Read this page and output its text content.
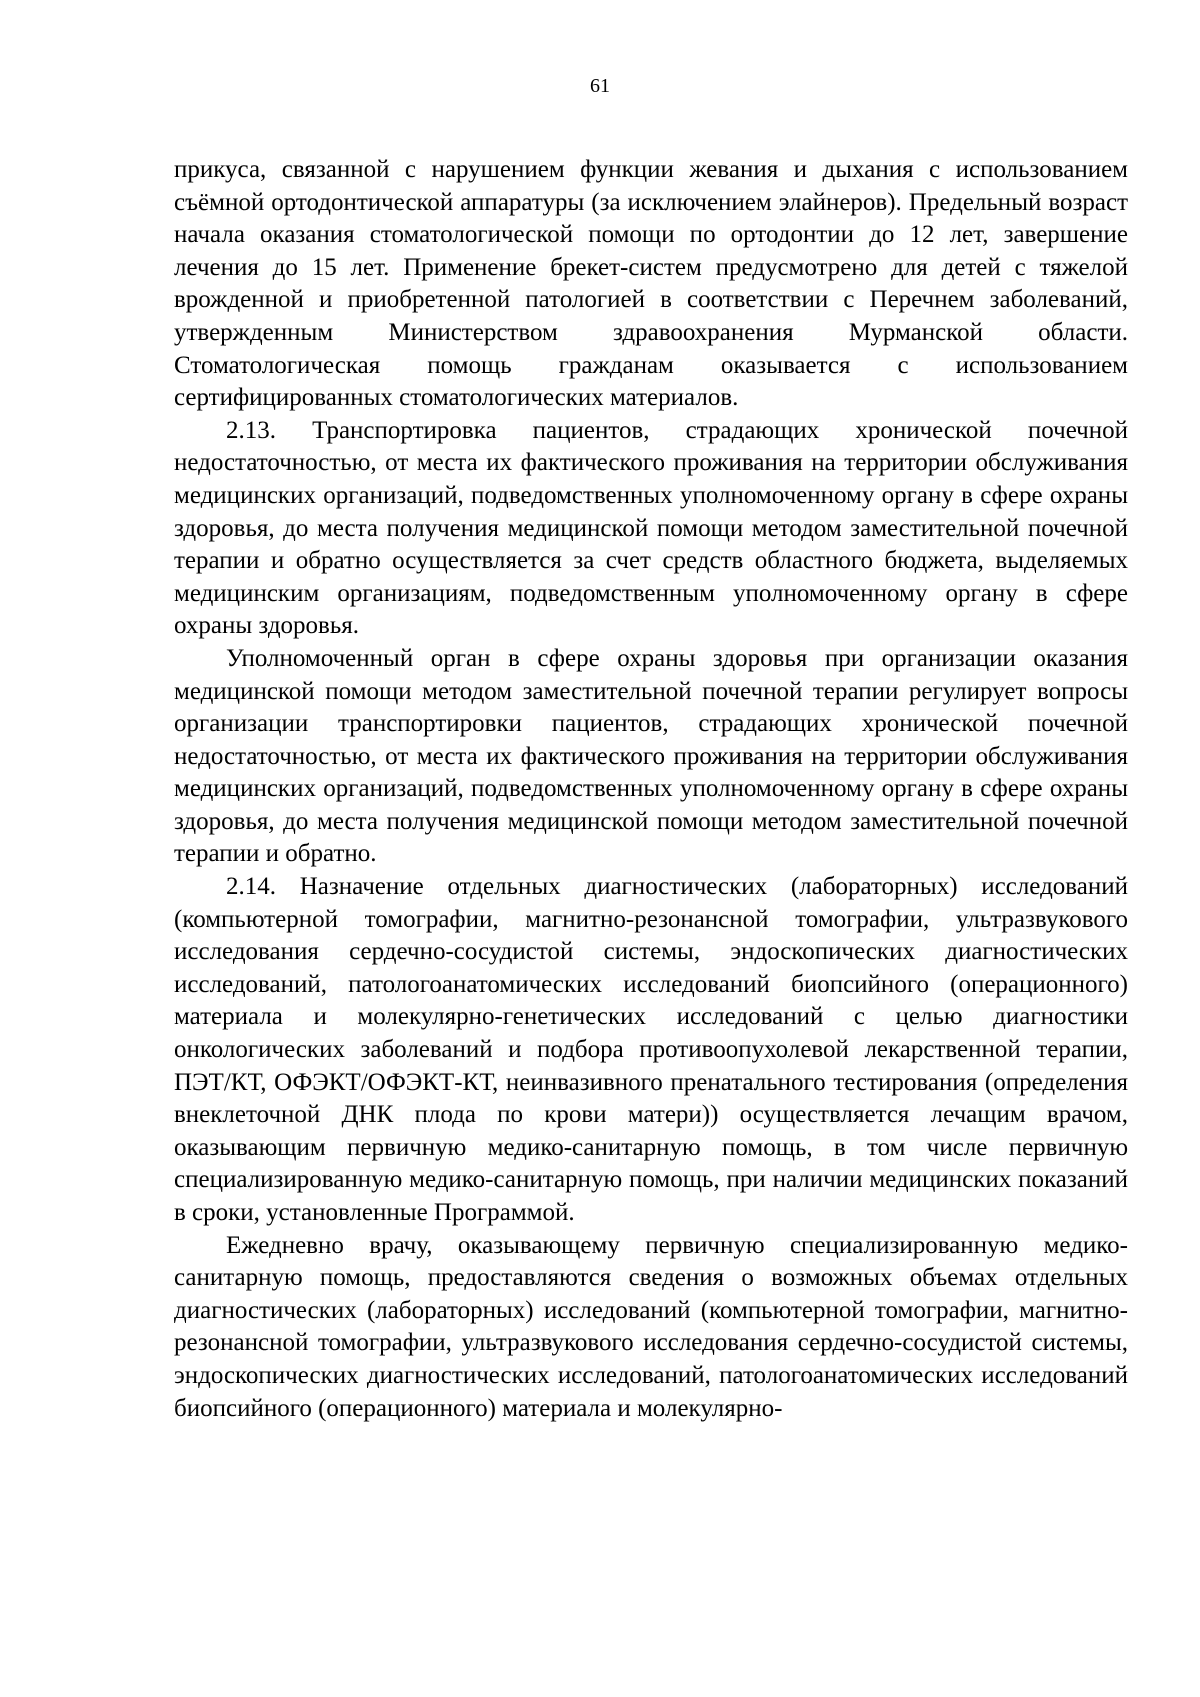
61

прикуса, связанной с нарушением функции жевания и дыхания с использованием съёмной ортодонтической аппаратуры (за исключением элайнеров). Предельный возраст начала оказания стоматологической помощи по ортодонтии до 12 лет, завершение лечения до 15 лет. Применение брекет-систем предусмотрено для детей с тяжелой врожденной и приобретенной патологией в соответствии с Перечнем заболеваний, утвержденным Министерством здравоохранения Мурманской области. Стоматологическая помощь гражданам оказывается с использованием сертифицированных стоматологических материалов.

2.13. Транспортировка пациентов, страдающих хронической почечной недостаточностью, от места их фактического проживания на территории обслуживания медицинских организаций, подведомственных уполномоченному органу в сфере охраны здоровья, до места получения медицинской помощи методом заместительной почечной терапии и обратно осуществляется за счет средств областного бюджета, выделяемых медицинским организациям, подведомственным уполномоченному органу в сфере охраны здоровья.

Уполномоченный орган в сфере охраны здоровья при организации оказания медицинской помощи методом заместительной почечной терапии регулирует вопросы организации транспортировки пациентов, страдающих хронической почечной недостаточностью, от места их фактического проживания на территории обслуживания медицинских организаций, подведомственных уполномоченному органу в сфере охраны здоровья, до места получения медицинской помощи методом заместительной почечной терапии и обратно.

2.14. Назначение отдельных диагностических (лабораторных) исследований (компьютерной томографии, магнитно-резонансной томографии, ультразвукового исследования сердечно-сосудистой системы, эндоскопических диагностических исследований, патологоанатомических исследований биопсийного (операционного) материала и молекулярно-генетических исследований с целью диагностики онкологических заболеваний и подбора противоопухолевой лекарственной терапии, ПЭТ/КТ, ОФЭКТ/ОФЭКТ-КТ, неинвазивного пренатального тестирования (определения внеклеточной ДНК плода по крови матери)) осуществляется лечащим врачом, оказывающим первичную медико-санитарную помощь, в том числе первичную специализированную медико-санитарную помощь, при наличии медицинских показаний в сроки, установленные Программой.

Ежедневно врачу, оказывающему первичную специализированную медико-санитарную помощь, предоставляются сведения о возможных объемах отдельных диагностических (лабораторных) исследований (компьютерной томографии, магнитно-резонансной томографии, ультразвукового исследования сердечно-сосудистой системы, эндоскопических диагностических исследований, патологоанатомических исследований биопсийного (операционного) материала и молекулярно-
